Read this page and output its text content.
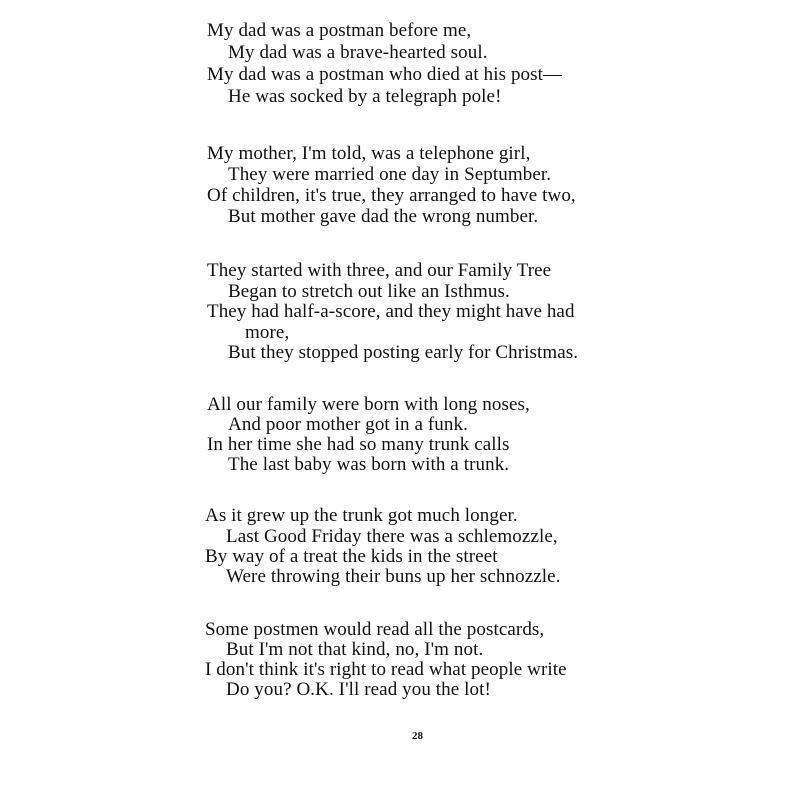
My dad was a postman before me,
My dad was a brave-hearted soul.
My dad was a postman who died at his post—
He was socked by a telegraph pole!
My mother, I'm told, was a telephone girl,
They were married one day in Septumber.
Of children, it's true, they arranged to have two,
But mother gave dad the wrong number.
They started with three, and our Family Tree
Began to stretch out like an Isthmus.
They had half-a-score, and they might have had
more,
But they stopped posting early for Christmas.
All our family were born with long noses,
And poor mother got in a funk.
In her time she had so many trunk calls
The last baby was born with a trunk.
As it grew up the trunk got much longer.
Last Good Friday there was a schlemozzle,
By way of a treat the kids in the street
Were throwing their buns up her schnozzle.
Some postmen would read all the postcards,
But I'm not that kind, no, I'm not.
I don't think it's right to read what people write
Do you? O.K. I'll read you the lot!
28
